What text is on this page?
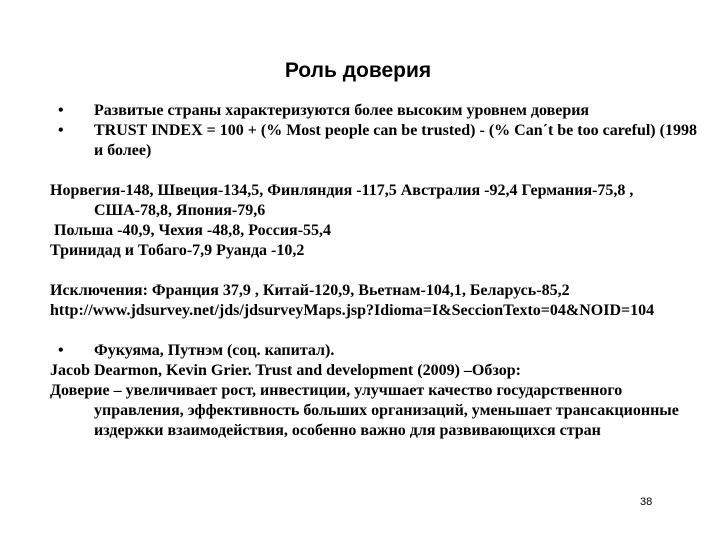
Роль доверия
• Развитые страны характеризуются более высоким уровнем доверия
• TRUST INDEX = 100 + (% Most people can be trusted) - (% Can´t be too careful) (1998 и более)
Норвегия-148, Швеция-134,5, Финляндия -117,5 Австралия -92,4 Германия-75,8 , США-78,8, Япония-79,6
Польша -40,9, Чехия -48,8, Россия-55,4
Тринидад и Тобаго-7,9 Руанда -10,2
Исключения: Франция 37,9 , Китай-120,9, Вьетнам-104,1, Беларусь-85,2
http://www.jdsurvey.net/jds/jdsurveyMaps.jsp?Idioma=I&SeccionTexto=04&NOID=104
• Фукуяма, Путнэм (соц. капитал).
Jacob Dearmon, Kevin Grier. Trust and development (2009) –Обзор:
Доверие – увеличивает рост, инвестиции, улучшает качество государственного управления, эффективность больших организаций, уменьшает трансакционные издержки взаимодействия, особенно важно для развивающихся стран
38
